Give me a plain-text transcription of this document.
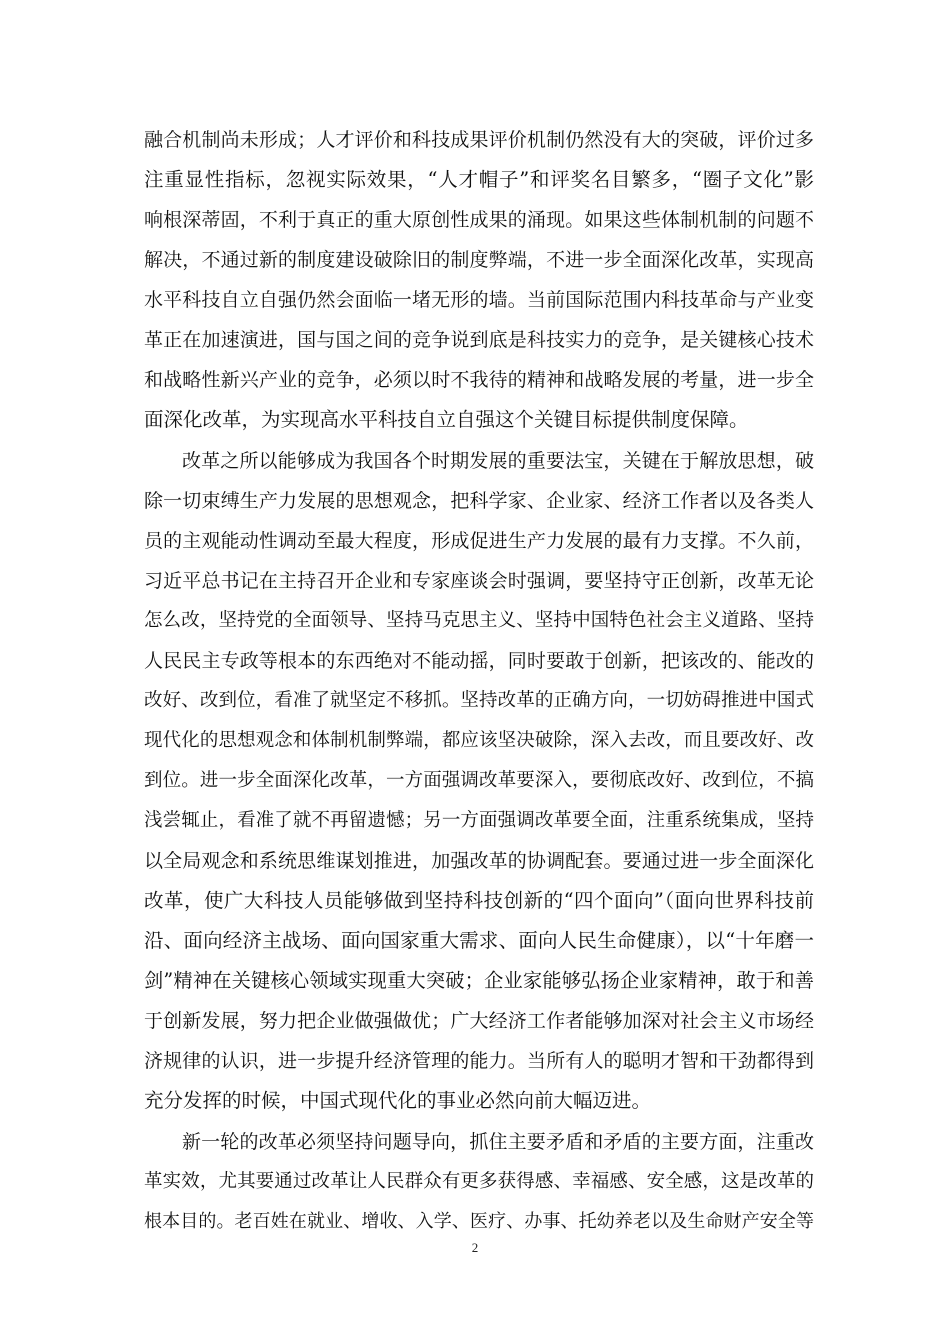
融合机制尚未形成；人才评价和科技成果评价机制仍然没有大的突破，评价过多
注重显性指标，忽视实际效果，“人才帽子”和评奖名目繁多，“圈子文化”影
响根深蒂固，不利于真正的重大原创性成果的涌现。如果这些体制机制的问题不
解决，不通过新的制度建设破除旧的制度弊端，不进一步全面深化改革，实现高
水平科技自立自强仍然会面临一堵无形的墙。当前国际范围内科技革命与产业变
革正在加速演进，国与国之间的竞争说到底是科技实力的竞争，是关键核心技术
和战略性新兴产业的竞争，必须以时不我待的精神和战略发展的考量，进一步全
面深化改革，为实现高水平科技自立自强这个关键目标提供制度保障。
改革之所以能够成为我国各个时期发展的重要法宝，关键在于解放思想，破
除一切束缚生产力发展的思想观念，把科学家、企业家、经济工作者以及各类人
员的主观能动性调动至最大程度，形成促进生产力发展的最有力支撑。不久前，
习近平总书记在主持召开企业和专家座谈会时强调，要坚持守正创新，改革无论
怎么改，坚持党的全面领导、坚持马克思主义、坚持中国特色社会主义道路、坚持
人民民主专政等根本的东西绝对不能动摇，同时要敢于创新，把该改的、能改的
改好、改到位，看准了就坚定不移抓。坚持改革的正确方向，一切妨碍推进中国式
现代化的思想观念和体制机制弊端，都应该坚决破除，深入去改，而且要改好、改
到位。进一步全面深化改革，一方面强调改革要深入，要彻底改好、改到位，不搞
浅尝辄止，看准了就不再留遗憾；另一方面强调改革要全面，注重系统集成，坚持
以全局观念和系统思维谋划推进，加强改革的协调配套。要通过进一步全面深化
改革，使广大科技人员能够做到坚持科技创新的“四个面向”（面向世界科技前
沿、面向经济主战场、面向国家重大需求、面向人民生命健康），以“十年磨一
剑”精神在关键核心领域实现重大突破；企业家能够弘扬企业家精神，敢于和善
于创新发展，努力把企业做强做优；广大经济工作者能够加深对社会主义市场经
济规律的认识，进一步提升经济管理的能力。当所有人的聪明才智和干劲都得到
充分发挥的时候，中国式现代化的事业必然向前大幅迈进。
新一轮的改革必须坚持问题导向，抓住主要矛盾和矛盾的主要方面，注重改
革实效，尤其要通过改革让人民群众有更多获得感、幸福感、安全感，这是改革的
根本目的。老百姓在就业、增收、入学、医疗、办事、托幼养老以及生命财产安全等
2
